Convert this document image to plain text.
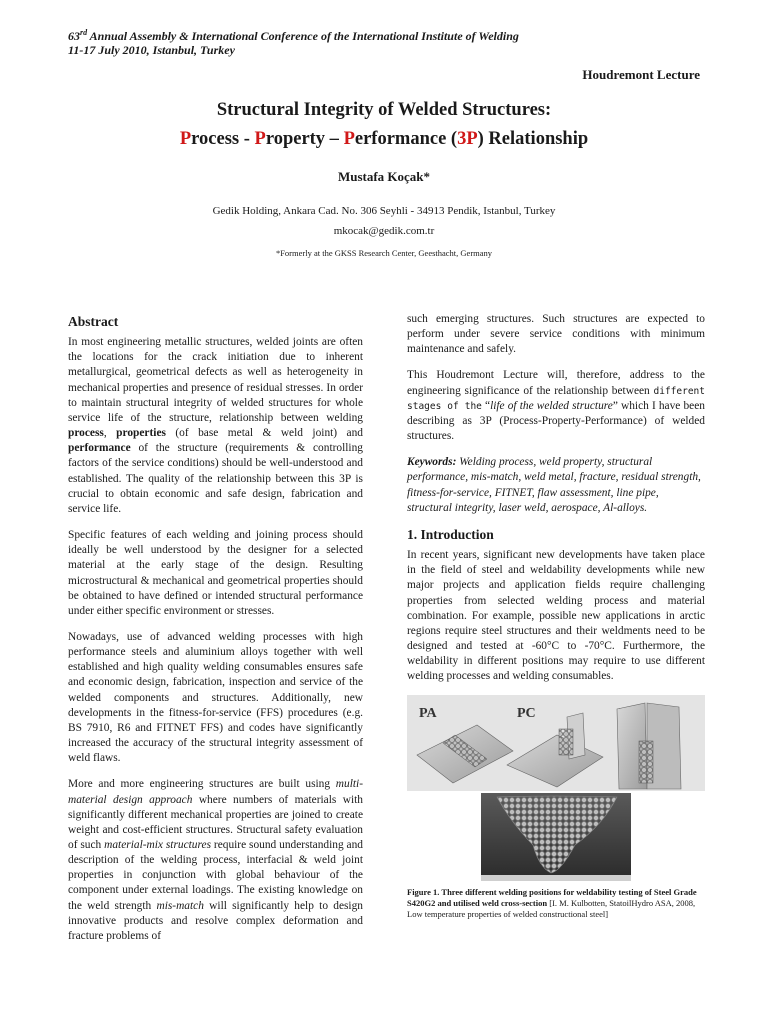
63rd Annual Assembly & International Conference of the International Institute of Welding
11-17 July 2010, Istanbul, Turkey
Houdremont Lecture
Structural Integrity of Welded Structures:
Process - Property – Performance (3P) Relationship
Mustafa Koçak*
Gedik Holding, Ankara Cad. No. 306 Seyhli - 34913 Pendik, Istanbul, Turkey
mkocak@gedik.com.tr
*Formerly at the GKSS Research Center, Geesthacht, Germany
Abstract

In most engineering metallic structures, welded joints are often the locations for the crack initiation due to inherent metallurgical, geometrical defects as well as heterogeneity in mechanical properties and presence of residual stresses. In order to maintain structural integrity of welded structures for whole service life of the structure, relationship between welding process, properties (of base metal & weld joint) and performance of the structure (requirements & controlling factors of the service conditions) should be well-understood and established. The quality of the relationship between this 3P is crucial to obtain economic and safe design, fabrication and service life.

Specific features of each welding and joining process should ideally be well understood by the designer for a selected material at the early stage of the design. Resulting microstructural & mechanical and geometrical properties should be obtained to have defined or intended structural performance under either specific environment or stresses.

Nowadays, use of advanced welding processes with high performance steels and aluminium alloys together with well established and high quality welding consumables ensures safe and economic design, fabrication, inspection and service of the welded components and structures. Additionally, new developments in the fitness-for-service (FFS) procedures (e.g. BS 7910, R6 and FITNET FFS) and codes have significantly increased the accuracy of the structural integrity assessment of weld flaws.

More and more engineering structures are built using multi-material design approach where numbers of materials with significantly different mechanical properties are joined to create weight and cost-efficient structures. Structural safety evaluation of such material-mix structures require sound understanding and description of the welding process, interfacial & weld joint properties in conjunction with global behaviour of the component under external loadings. The existing knowledge on the weld strength mis-match will significantly help to design innovative products and resolve complex deformation and fracture problems of

such emerging structures. Such structures are expected to perform under severe service conditions with minimum maintenance and safely.

This Houdremont Lecture will, therefore, address to the engineering significance of the relationship between different stages of the “life of the welded structure” which I have been describing as 3P (Process-Property-Performance) of welded structures.

Keywords: Welding process, weld property, structural performance, mis-match, weld metal, fracture, residual strength, fitness-for-service, FITNET, flaw assessment, line pipe, structural integrity, laser weld, aerospace, Al-alloys.

1. Introduction

In recent years, significant new developments have taken place in the field of steel and weldability developments while new major projects and application fields require challenging properties from selected welding process and material combination. For example, possible new applications in arctic regions require steel structures and their weldments need to be designed and tested at -60°C to -70°C. Furthermore, the weldability in different positions may require to use different welding processes and welding consumables.

PA	PC
Figure 1. Three different welding positions for weldability testing of Steel Grade S420G2 and utilised weld cross-section [I. M. Kulbotten, StatoilHydro ASA, 2008, Low temperature properties of welded constructional steel]
